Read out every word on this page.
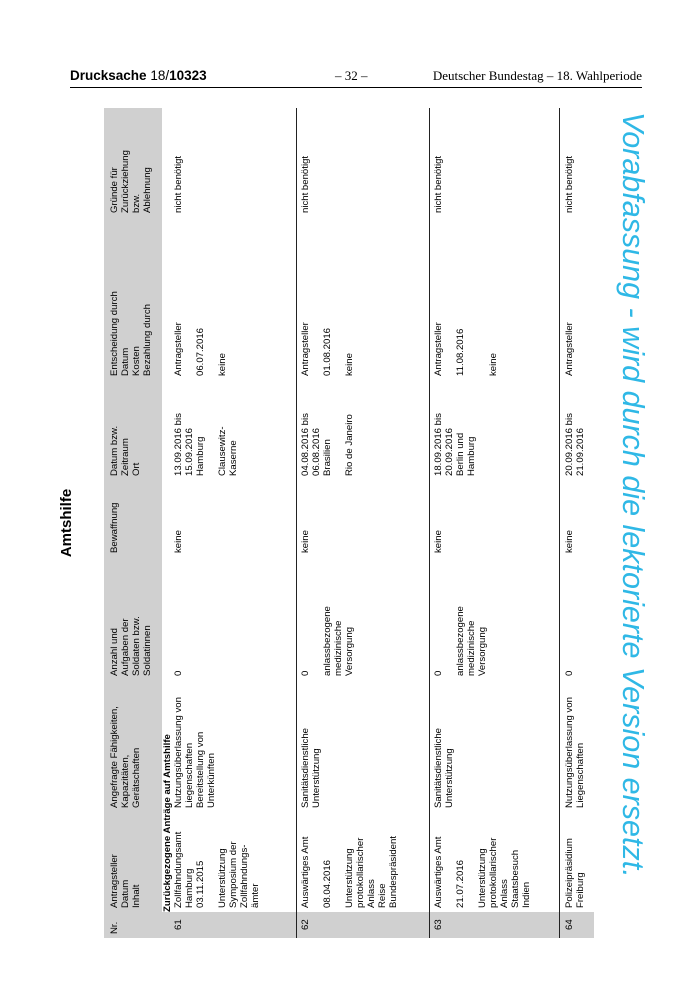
Drucksache 18/10323	– 32 –	Deutscher Bundestag – 18. Wahlperiode
Amtshilfe
Nr.
Antragsteller
Datum
Inhalt
Angefragte Fähigkeiten,
Kapazitäten,
Gerätschaften
Anzahl und
Aufgaben der
Soldaten bzw.
Soldatinnen
Bewaffnung
Datum bzw.
Zeitraum
Ort
Entscheidung durch
Datum
Kosten
Bezahlung durch
Gründe für
Zurückziehung
bzw.
Ablehnung
Zurückgezogene Anträge auf Amtshilfe
61
Zollfahndungsamt
Hamburg
03.11.2015

Unterstützung
Symposium der
Zollfahndungs-
ämter
Nutzungsüberlassung von
Liegenschaften
Bereitstellung von
Unterkünften
0
keine
13.09.2016 bis
15.09.2016
Hamburg

Clausewitz-
Kaserne
Antragsteller

06.07.2016

keine
nicht benötigt
62
Auswärtiges Amt

08.04.2016

Unterstützung
protokollarischer
Anlass
Reise
Bundespräsident
Sanitätsdienstliche
Unterstützung
0

anlassbezogene
medizinische
Versorgung
keine
04.08.2016 bis
06.08.2016
Brasilien

Rio de Janeiro
Antragsteller

01.08.2016

keine
nicht benötigt
63
Auswärtiges Amt

21.07.2016

Unterstützung
protokollarischer
Anlass
Staatsbesuch
Indien
Sanitätsdienstliche
Unterstützung
0

anlassbezogene
medizinische
Versorgung
keine
18.09.2016 bis
20.09.2016
Berlin und
Hamburg
Antragsteller

11.08.2016

keine
nicht benötigt
64
Polizeipräsidium
Freiburg
Nutzungsüberlassung von
Liegenschaften
0
keine
20.09.2016 bis
21.09.2016
Antragsteller
nicht benötigt Vorabfassung - wird durch die lektorierte Version ersetzt.
